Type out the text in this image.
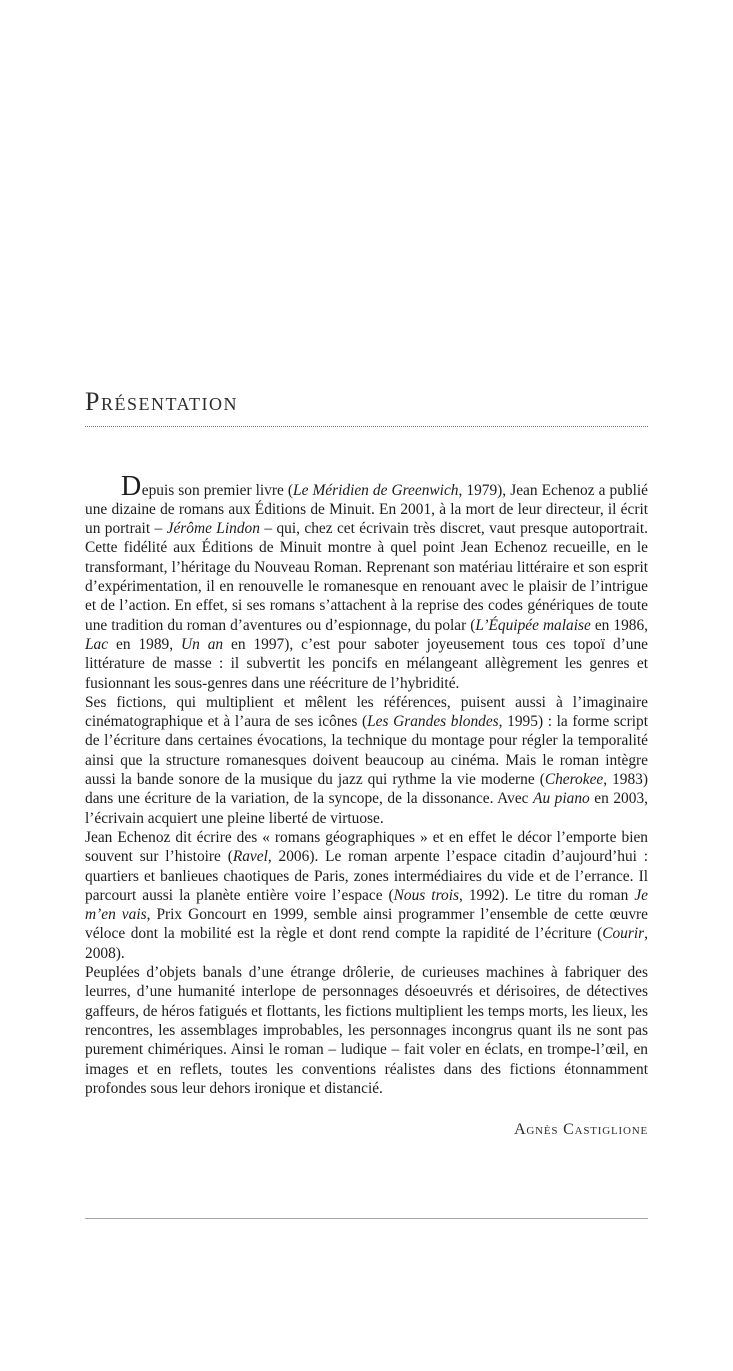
Présentation

Depuis son premier livre (Le Méridien de Greenwich, 1979), Jean Echenoz a publié une dizaine de romans aux Éditions de Minuit. En 2001, à la mort de leur directeur, il écrit un portrait – Jérôme Lindon – qui, chez cet écrivain très discret, vaut presque autoportrait. Cette fidélité aux Éditions de Minuit montre à quel point Jean Echenoz recueille, en le transformant, l’héritage du Nouveau Roman. Reprenant son matériau littéraire et son esprit d’expérimentation, il en renouvelle le romanesque en renouant avec le plaisir de l’intrigue et de l’action. En effet, si ses romans s’attachent à la reprise des codes génériques de toute une tradition du roman d’aventures ou d’espionnage, du polar (L’Équipée malaise en 1986, Lac en 1989, Un an en 1997), c’est pour saboter joyeusement tous ces topoï d’une littérature de masse : il subvertit les poncifs en mélangeant allègrement les genres et fusionnant les sous-genres dans une réécriture de l’hybridité.

Ses fictions, qui multiplient et mêlent les références, puisent aussi à l’imaginaire cinématographique et à l’aura de ses icônes (Les Grandes blondes, 1995) : la forme script de l’écriture dans certaines évocations, la technique du montage pour régler la temporalité ainsi que la structure romanesques doivent beaucoup au cinéma. Mais le roman intègre aussi la bande sonore de la musique du jazz qui rythme la vie moderne (Cherokee, 1983) dans une écriture de la variation, de la syncope, de la dissonance. Avec Au piano en 2003, l’écrivain acquiert une pleine liberté de virtuose.

Jean Echenoz dit écrire des « romans géographiques » et en effet le décor l’emporte bien souvent sur l’histoire (Ravel, 2006). Le roman arpente l’espace citadin d’aujourd’hui : quartiers et banlieues chaotiques de Paris, zones intermédiaires du vide et de l’errance. Il parcourt aussi la planète entière voire l’espace (Nous trois, 1992). Le titre du roman Je m’en vais, Prix Goncourt en 1999, semble ainsi programmer l’ensemble de cette œuvre véloce dont la mobilité est la règle et dont rend compte la rapidité de l’écriture (Courir, 2008).

Peuplées d’objets banals d’une étrange drôlerie, de curieuses machines à fabriquer des leurres, d’une humanité interlope de personnages désoeuvrés et dérisoires, de détectives gaffeurs, de héros fatigués et flottants, les fictions multiplient les temps morts, les lieux, les rencontres, les assemblages improbables, les personnages incongrus quant ils ne sont pas purement chimériques. Ainsi le roman – ludique – fait voler en éclats, en trompe-l’œil, en images et en reflets, toutes les conventions réalistes dans des fictions étonnamment profondes sous leur dehors ironique et distancié.

Agnès Castiglione
